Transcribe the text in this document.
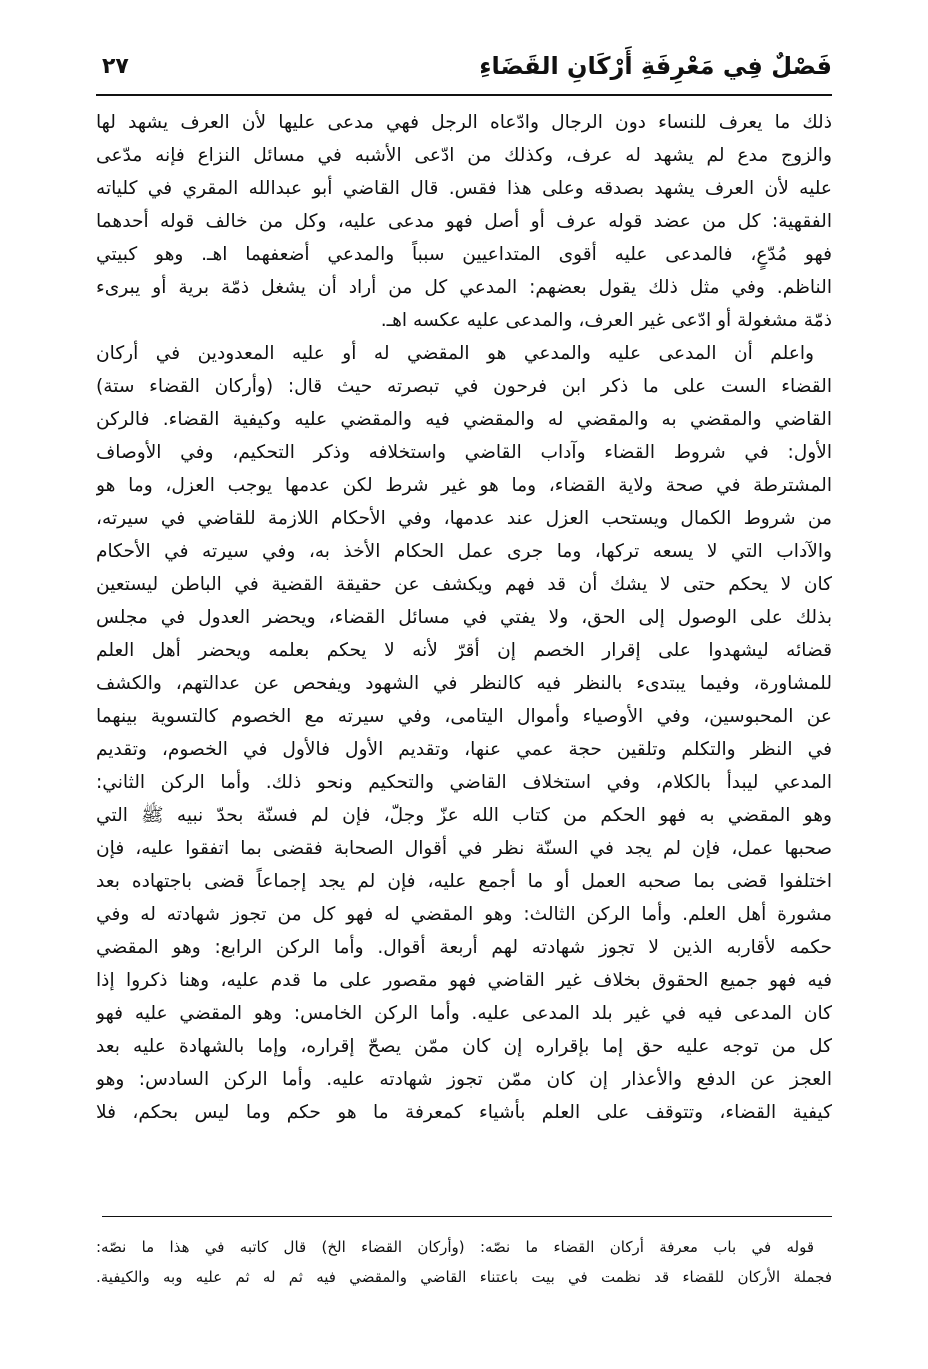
فَصْلٌ فِي مَعْرِفَةِ أَرْكَانِ القَضَاءِ
٢٧
ذلك ما يعرف للنساء دون الرجال وادّعاه الرجل فهي مدعى عليها لأن العرف يشهد لها
والزوج مدع لم يشهد له عرف، وكذلك من ادّعى الأشبه في مسائل النزاع فإنه مدّعى
عليه لأن العرف يشهد بصدقه وعلى هذا فقس. قال القاضي أبو عبدالله المقري في كلياته
الفقهية: كل من عضد قوله عرف أو أصل فهو مدعى عليه، وكل من خالف قوله أحدهما
فهو مُدّعٍ، فالمدعى عليه أقوى المتداعيين سبباً والمدعي أضعفهما اهـ. وهو كبيتي
الناظم. وفي مثل ذلك يقول بعضهم: المدعي كل من أراد أن يشغل ذمّة برية أو يبرىء
ذمّة مشغولة أو ادّعى غير العرف، والمدعى عليه عكسه اهـ.
واعلم أن المدعى عليه والمدعي هو المقضي له أو عليه المعدودين في أركان
القضاء الست على ما ذكر ابن فرحون في تبصرته حيث قال: (وأركان القضاء ستة)
القاضي والمقضي به والمقضي له والمقضي فيه والمقضي عليه وكيفية القضاء. فالركن
الأول: في شروط القضاء وآداب القاضي واستخلافه وذكر التحكيم، وفي الأوصاف
المشترطة في صحة ولاية القضاء، وما هو غير شرط لكن عدمها يوجب العزل، وما هو
من شروط الكمال ويستحب العزل عند عدمها، وفي الأحكام اللازمة للقاضي في سيرته،
والآداب التي لا يسعه تركها، وما جرى عمل الحكام الأخذ به، وفي سيرته في الأحكام
كان لا يحكم حتى لا يشك أن قد فهم ويكشف عن حقيقة القضية في الباطن ليستعين
بذلك على الوصول إلى الحق، ولا يفتي في مسائل القضاء، ويحضر العدول في مجلس
قضائه ليشهدوا على إقرار الخصم إن أقرّ لأنه لا يحكم بعلمه ويحضر أهل العلم
للمشاورة، وفيما يبتدىء بالنظر فيه كالنظر في الشهود ويفحص عن عدالتهم، والكشف
عن المحبوسين، وفي الأوصياء وأموال اليتامى، وفي سيرته مع الخصوم كالتسوية بينهما
في النظر والتكلم وتلقين حجة عمي عنها، وتقديم الأول فالأول في الخصوم، وتقديم
المدعي ليبدأ بالكلام، وفي استخلاف القاضي والتحكيم ونحو ذلك. وأما الركن الثاني:
وهو المقضي به فهو الحكم من كتاب الله عزّ وجلّ، فإن لم فسنّة بحدّ نبيه ﷺ التي
صحبها عمل، فإن لم يجد في السنّة نظر في أقوال الصحابة فقضى بما اتفقوا عليه، فإن
اختلفوا قضى بما صحبه العمل أو ما أجمع عليه، فإن لم يجد إجماعاً قضى باجتهاده بعد
مشورة أهل العلم. وأما الركن الثالث: وهو المقضي له فهو كل من تجوز شهادته له وفي
حكمه لأقاربه الذين لا تجوز شهادته لهم أربعة أقوال. وأما الركن الرابع: وهو المقضي
فيه فهو جميع الحقوق بخلاف غير القاضي فهو مقصور على ما قدم عليه، وهنا ذكروا إذا
كان المدعى فيه في غير بلد المدعى عليه. وأما الركن الخامس: وهو المقضي عليه فهو
كل من توجه عليه حق إما بإقراره إن كان ممّن يصحّ إقراره، وإما بالشهادة عليه بعد
العجز عن الدفع والأعذار إن كان ممّن تجوز شهادته عليه. وأما الركن السادس: وهو
كيفية القضاء، وتتوقف على العلم بأشياء كمعرفة ما هو حكم وما ليس بحكم، فلا
قوله في باب معرفة أركان القضاء ما نصّه: (وأركان القضاء الخ) قال كاتبه في هذا ما نصّه:
فجملة الأركان للقضاء قد نظمت في بيت باعتناء القاضي والمقضي فيه ثم له ثم عليه وبه والكيفية.
